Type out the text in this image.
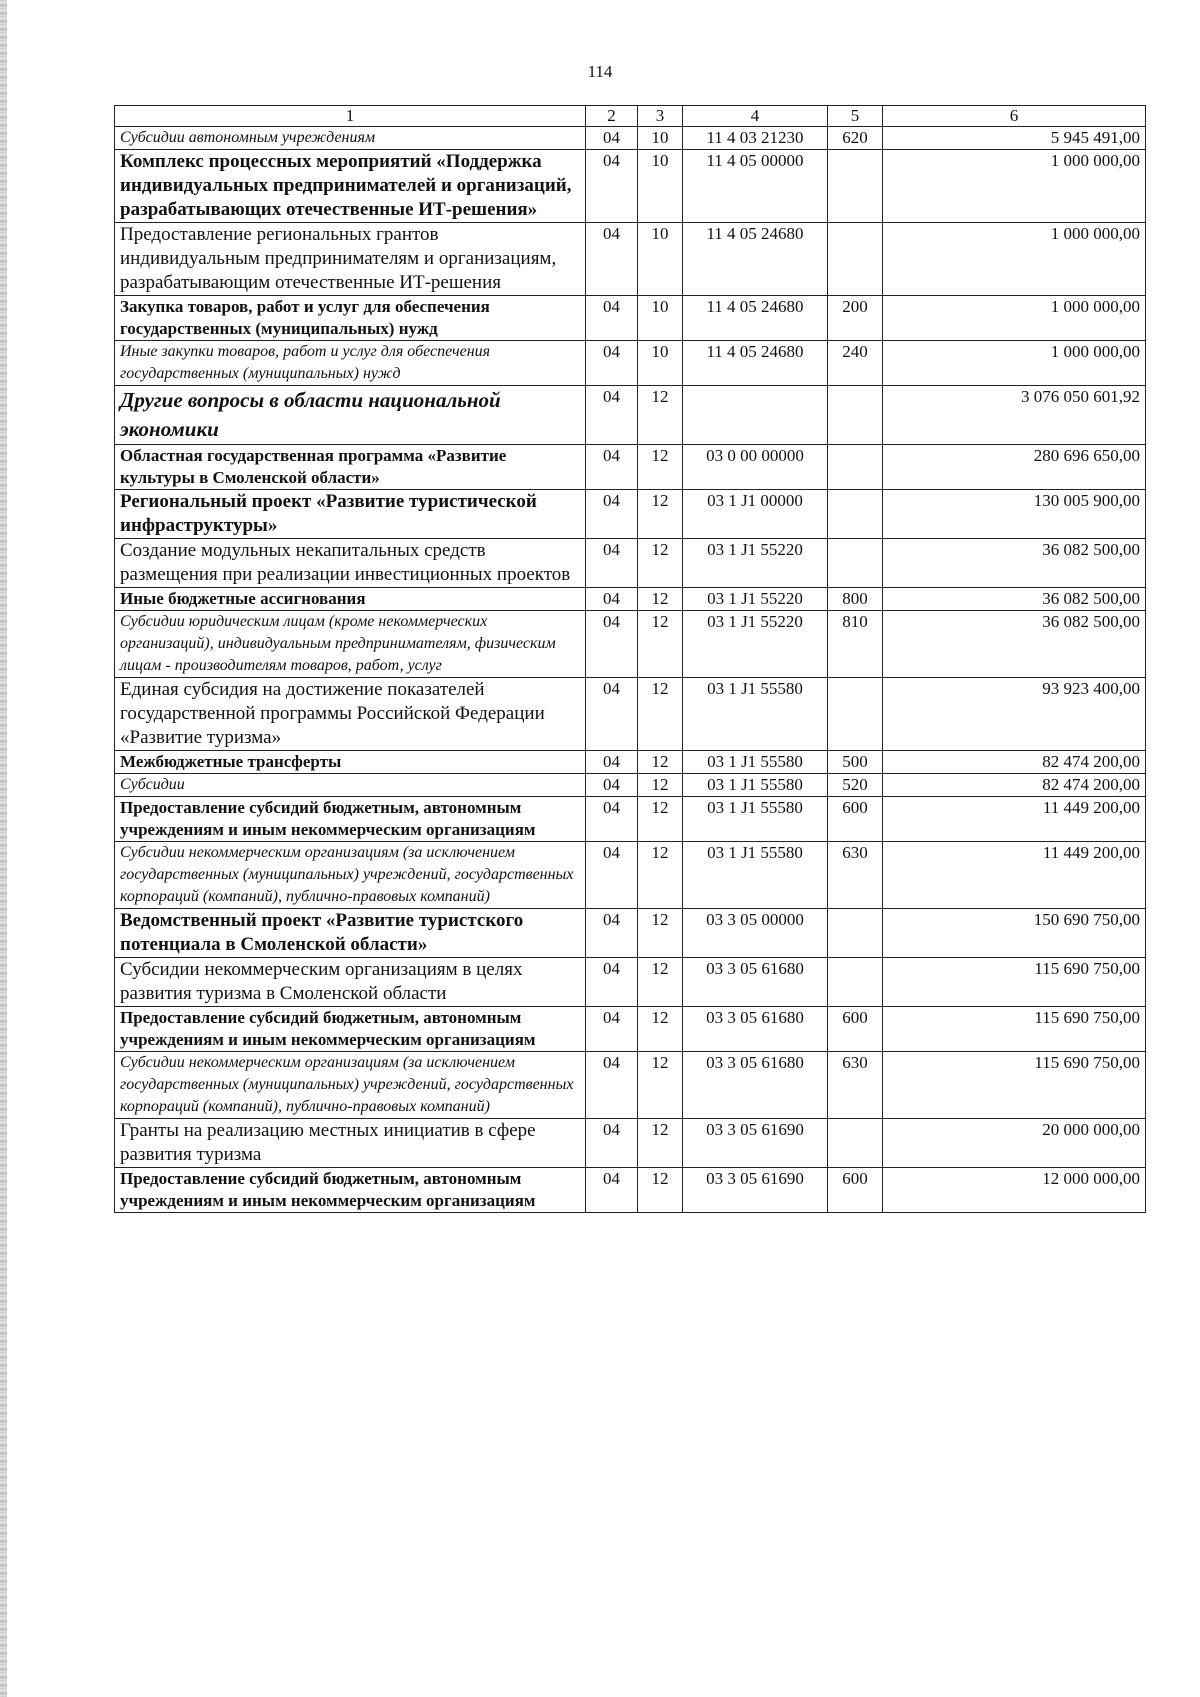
114
1	2	3	4	5	6
Субсидии автономным учреждениям	04	10	11 4 03 21230	620	5 945 491,00
Комплекс процессных мероприятий «Поддержка индивидуальных предпринимателей и организаций, разрабатывающих отечественные ИТ-решения»	04	10	11 4 05 00000		1 000 000,00
Предоставление региональных грантов индивидуальным предпринимателям и организациям, разрабатывающим отечественные ИТ-решения	04	10	11 4 05 24680		1 000 000,00
Закупка товаров, работ и услуг для обеспечения государственных (муниципальных) нужд	04	10	11 4 05 24680	200	1 000 000,00
Иные закупки товаров, работ и услуг для обеспечения государственных (муниципальных) нужд	04	10	11 4 05 24680	240	1 000 000,00
Другие вопросы в области национальной экономики	04	12			3 076 050 601,92
Областная государственная программа «Развитие культуры в Смоленской области»	04	12	03 0 00 00000		280 696 650,00
Региональный проект «Развитие туристической инфраструктуры»	04	12	03 1 J1 00000		130 005 900,00
Создание модульных некапитальных средств размещения при реализации инвестиционных проектов	04	12	03 1 J1 55220		36 082 500,00
Иные бюджетные ассигнования	04	12	03 1 J1 55220	800	36 082 500,00
Субсидии юридическим лицам (кроме некоммерческих организаций), индивидуальным предпринимателям, физическим лицам - производителям товаров, работ, услуг	04	12	03 1 J1 55220	810	36 082 500,00
Единая субсидия на достижение показателей государственной программы Российской Федерации «Развитие туризма»	04	12	03 1 J1 55580		93 923 400,00
Межбюджетные трансферты	04	12	03 1 J1 55580	500	82 474 200,00
Субсидии	04	12	03 1 J1 55580	520	82 474 200,00
Предоставление субсидий бюджетным, автономным учреждениям и иным некоммерческим организациям	04	12	03 1 J1 55580	600	11 449 200,00
Субсидии некоммерческим организациям (за исключением государственных (муниципальных) учреждений, государственных корпораций (компаний), публично-правовых компаний)	04	12	03 1 J1 55580	630	11 449 200,00
Ведомственный проект «Развитие туристского потенциала в Смоленской области»	04	12	03 3 05 00000		150 690 750,00
Субсидии некоммерческим организациям в целях развития туризма в Смоленской области	04	12	03 3 05 61680		115 690 750,00
Предоставление субсидий бюджетным, автономным учреждениям и иным некоммерческим организациям	04	12	03 3 05 61680	600	115 690 750,00
Субсидии некоммерческим организациям (за исключением государственных (муниципальных) учреждений, государственных корпораций (компаний), публично-правовых компаний)	04	12	03 3 05 61680	630	115 690 750,00
Гранты на реализацию местных инициатив в сфере развития туризма	04	12	03 3 05 61690		20 000 000,00
Предоставление субсидий бюджетным, автономным учреждениям и иным некоммерческим организациям	04	12	03 3 05 61690	600	12 000 000,00
